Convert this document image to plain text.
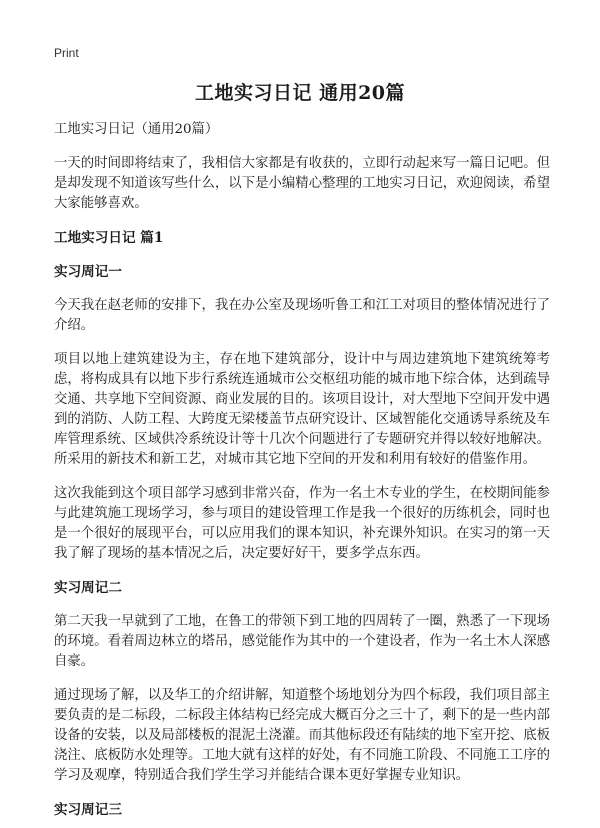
Print
工地实习日记 通用20篇
工地实习日记（通用20篇）

一天的时间即将结束了，我相信大家都是有收获的，立即行动起来写一篇日记吧。但是却发现不知道该写些什么，以下是小编精心整理的工地实习日记，欢迎阅读，希望大家能够喜欢。

工地实习日记 篇1
实习周记一

今天我在赵老师的安排下，我在办公室及现场听鲁工和江工对项目的整体情况进行了介绍。

项目以地上建筑建设为主，存在地下建筑部分，设计中与周边建筑地下建筑统筹考虑，将构成具有以地下步行系统连通城市公交枢纽功能的城市地下综合体，达到疏导交通、共享地下空间资源、商业发展的目的。该项目设计，对大型地下空间开发中遇到的消防、人防工程、大跨度无梁楼盖节点研究设计、区域智能化交通诱导系统及车库管理系统、区域供冷系统设计等十几次个问题进行了专题研究并得以较好地解决。所采用的新技术和新工艺，对城市其它地下空间的开发和利用有较好的借鉴作用。

这次我能到这个项目部学习感到非常兴奋，作为一名土木专业的学生，在校期间能参与此建筑施工现场学习，参与项目的建设管理工作是我一个很好的历练机会，同时也是一个很好的展现平台，可以应用我们的课本知识，补充课外知识。在实习的第一天我了解了现场的基本情况之后，决定要好好干，要多学点东西。

实习周记二

第二天我一早就到了工地，在鲁工的带领下到工地的四周转了一圈，熟悉了一下现场的环境。看着周边林立的塔吊，感觉能作为其中的一个建设者，作为一名土木人深感自豪。

通过现场了解，以及华工的介绍讲解，知道整个场地划分为四个标段，我们项目部主要负责的是二标段，二标段主体结构已经完成大概百分之三十了，剩下的是一些内部设备的安装，以及局部楼板的混泥土浇灌。而其他标段还有陆续的地下室开挖、底板浇注、底板防水处理等。工地大就有这样的好处，有不同施工阶段、不同施工工序的学习及观摩，特别适合我们学生学习并能结合课本更好掌握专业知识。

实习周记三
